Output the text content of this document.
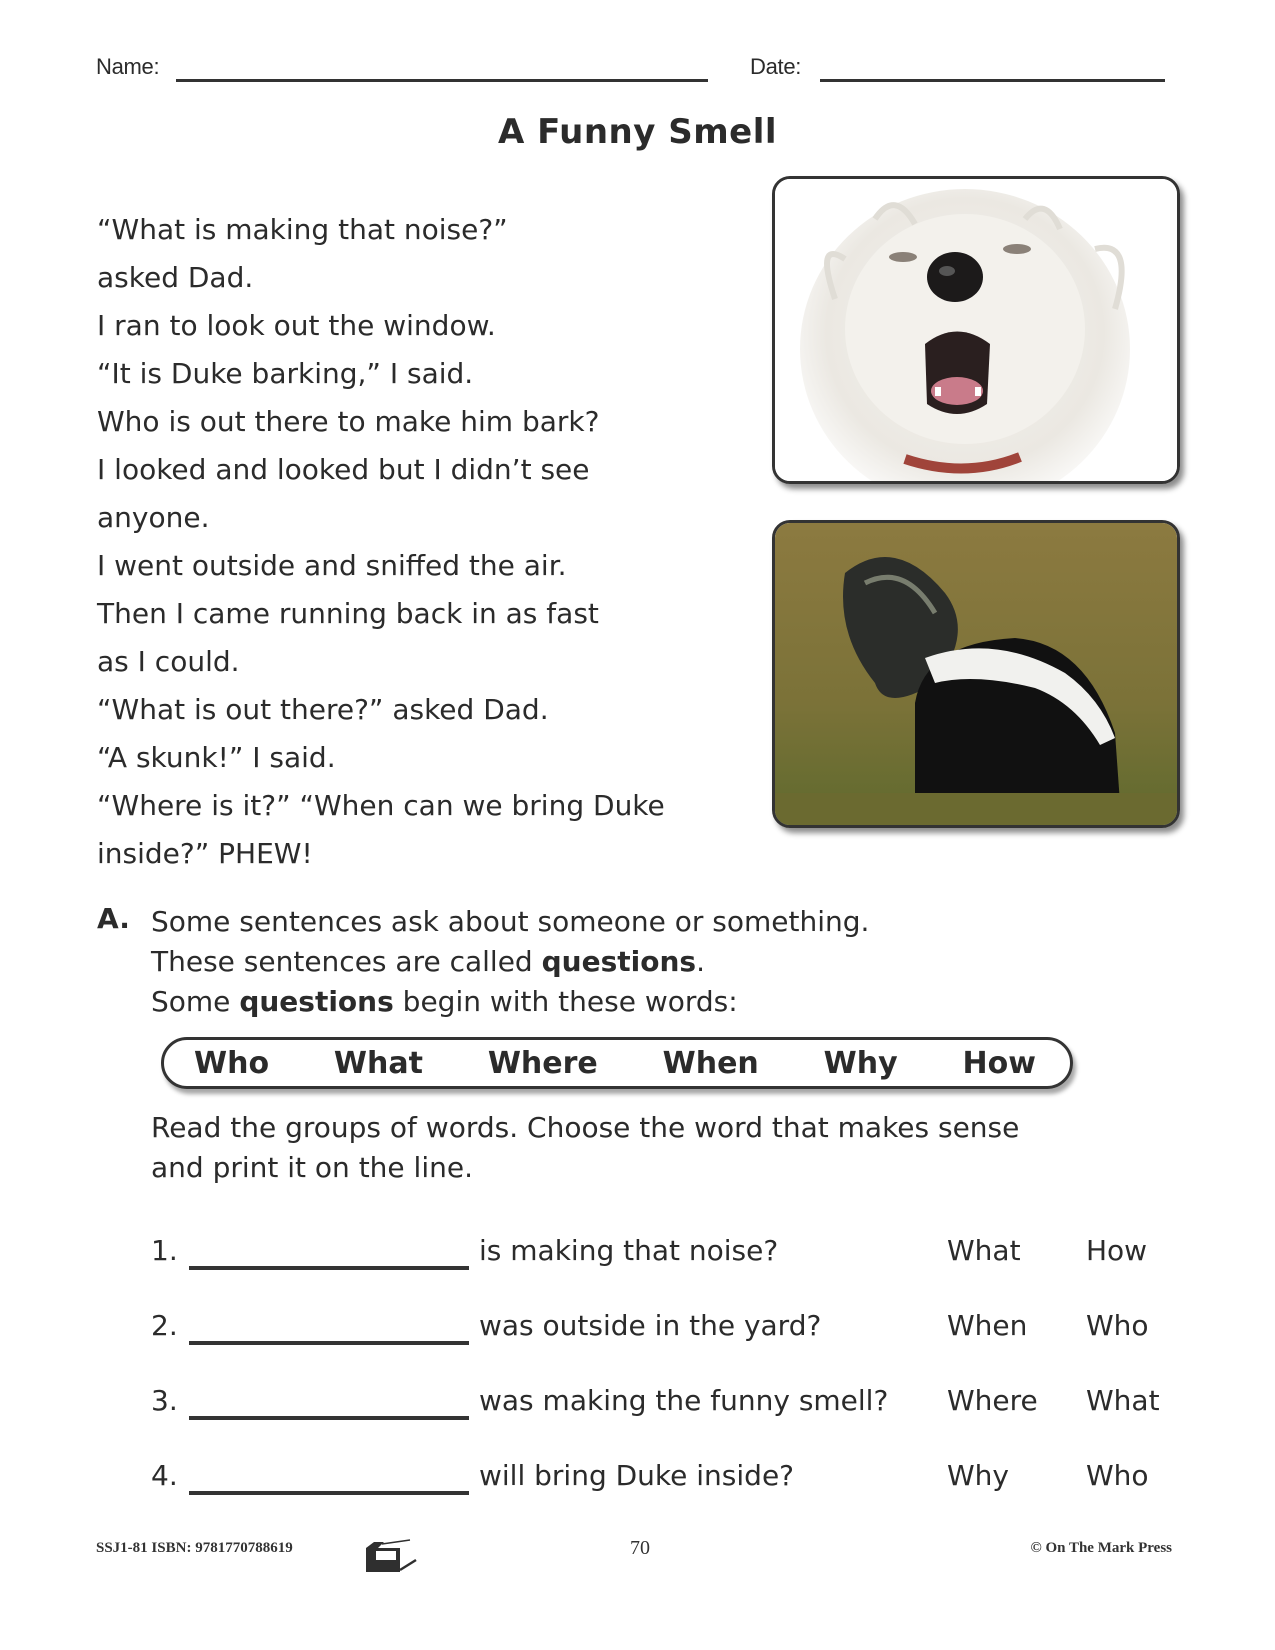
Name:	Date:
A Funny Smell
“What is making that noise?”
asked Dad.
I ran to look out the window.
“It is Duke barking,” I said.
Who is out there to make him bark?
I looked and looked but I didn’t see
anyone.
I went outside and sniffed the air.
Then I came running back in as fast
as I could.
“What is out there?” asked Dad.
“A skunk!” I said.
“Where is it?” “When can we bring Duke
inside?” PHEW!
A. Some sentences ask about someone or something.
These sentences are called questions.
Some questions begin with these words:
Who What Where When Why How
Read the groups of words. Choose the word that makes sense
and print it on the line.
1.	is making that noise?	What How
2.	was outside in the yard?	When Who
3.	was making the funny smell? Where What
4.	will bring Duke inside?	Why	Who
SSJ1-81 ISBN: 9781770788619	70	© On The Mark Press
